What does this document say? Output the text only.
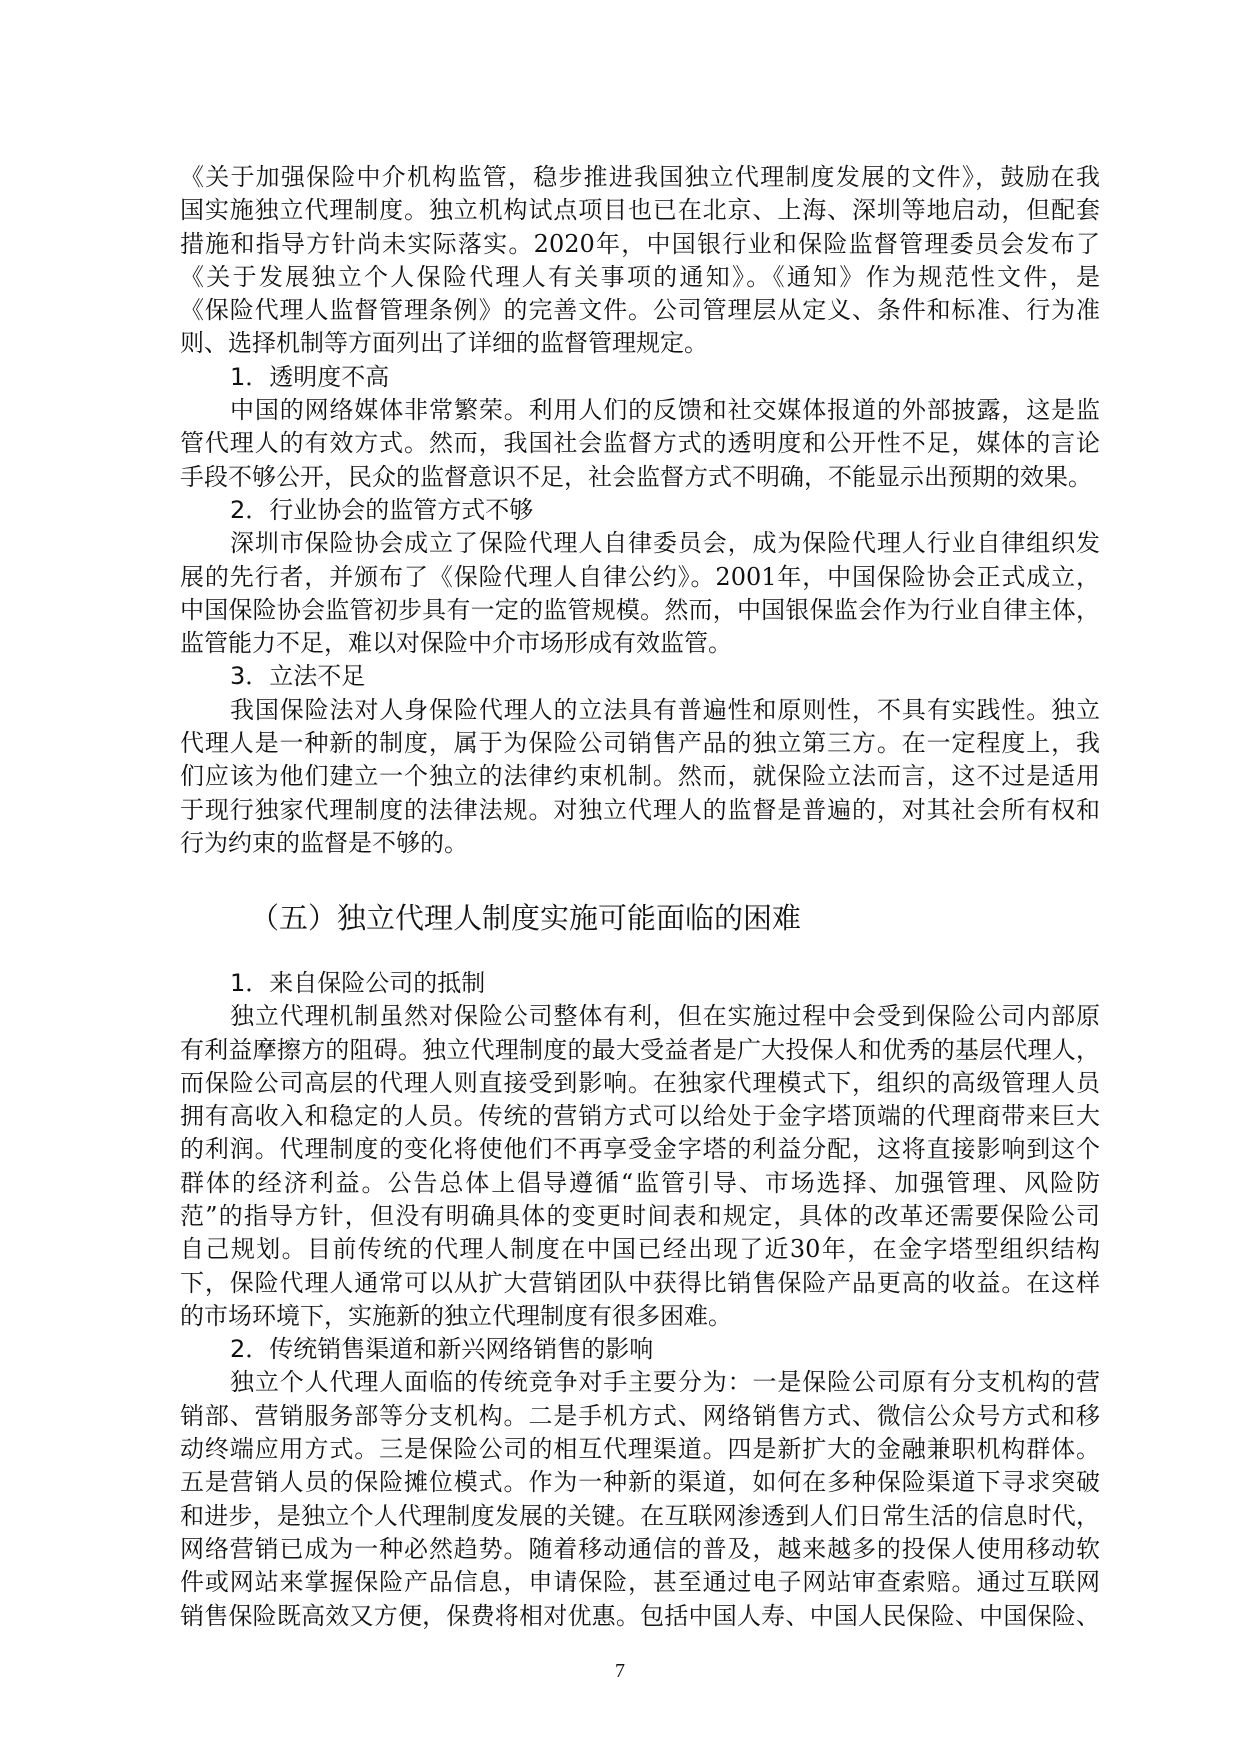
《关于加强保险中介机构监管，稳步推进我国独立代理制度发展的文件》，鼓励在我
国实施独立代理制度。独立机构试点项目也已在北京、上海、深圳等地启动，但配套
措施和指导方针尚未实际落实。2020年，中国银行业和保险监督管理委员会发布了
《关于发展独立个人保险代理人有关事项的通知》。《通知》作为规范性文件，是
《保险代理人监督管理条例》的完善文件。公司管理层从定义、条件和标准、行为准
则、选择机制等方面列出了详细的监督管理规定。
1．透明度不高
中国的网络媒体非常繁荣。利用人们的反馈和社交媒体报道的外部披露，这是监
管代理人的有效方式。然而，我国社会监督方式的透明度和公开性不足，媒体的言论
手段不够公开，民众的监督意识不足，社会监督方式不明确，不能显示出预期的效果。
2．行业协会的监管方式不够
深圳市保险协会成立了保险代理人自律委员会，成为保险代理人行业自律组织发
展的先行者，并颁布了《保险代理人自律公约》。2001年，中国保险协会正式成立，
中国保险协会监管初步具有一定的监管规模。然而，中国银保监会作为行业自律主体，
监管能力不足，难以对保险中介市场形成有效监管。
3．立法不足
我国保险法对人身保险代理人的立法具有普遍性和原则性，不具有实践性。独立
代理人是一种新的制度，属于为保险公司销售产品的独立第三方。在一定程度上，我
们应该为他们建立一个独立的法律约束机制。然而，就保险立法而言，这不过是适用
于现行独家代理制度的法律法规。对独立代理人的监督是普遍的，对其社会所有权和
行为约束的监督是不够的。
（五）独立代理人制度实施可能面临的困难
1．来自保险公司的抵制
独立代理机制虽然对保险公司整体有利，但在实施过程中会受到保险公司内部原
有利益摩擦方的阻碍。独立代理制度的最大受益者是广大投保人和优秀的基层代理人，
而保险公司高层的代理人则直接受到影响。在独家代理模式下，组织的高级管理人员
拥有高收入和稳定的人员。传统的营销方式可以给处于金字塔顶端的代理商带来巨大
的利润。代理制度的变化将使他们不再享受金字塔的利益分配，这将直接影响到这个
群体的经济利益。公告总体上倡导遵循“监管引导、市场选择、加强管理、风险防
范”的指导方针，但没有明确具体的变更时间表和规定，具体的改革还需要保险公司
自己规划。目前传统的代理人制度在中国已经出现了近30年，在金字塔型组织结构
下，保险代理人通常可以从扩大营销团队中获得比销售保险产品更高的收益。在这样
的市场环境下，实施新的独立代理制度有很多困难。
2．传统销售渠道和新兴网络销售的影响
独立个人代理人面临的传统竞争对手主要分为：一是保险公司原有分支机构的营
销部、营销服务部等分支机构。二是手机方式、网络销售方式、微信公众号方式和移
动终端应用方式。三是保险公司的相互代理渠道。四是新扩大的金融兼职机构群体。
五是营销人员的保险摊位模式。作为一种新的渠道，如何在多种保险渠道下寻求突破
和进步，是独立个人代理制度发展的关键。在互联网渗透到人们日常生活的信息时代，
网络营销已成为一种必然趋势。随着移动通信的普及，越来越多的投保人使用移动软
件或网站来掌握保险产品信息，申请保险，甚至通过电子网站审查索赔。通过互联网
销售保险既高效又方便，保费将相对优惠。包括中国人寿、中国人民保险、中国保险、
7
